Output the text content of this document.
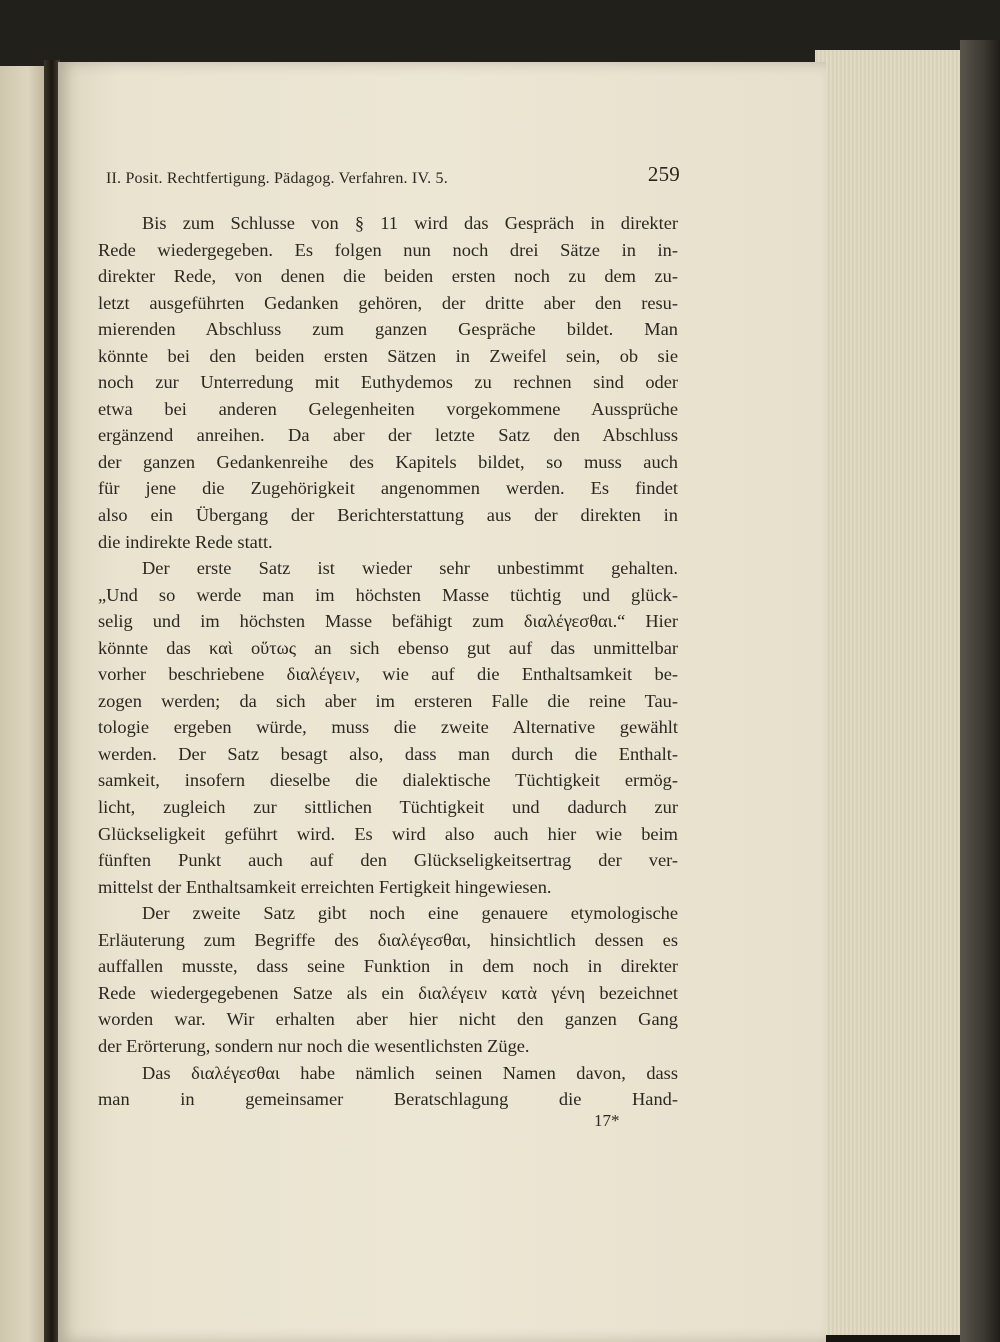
II. Posit. Rechtfertigung. Pädagog. Verfahren. IV. 5.	259
Bis zum Schlusse von § 11 wird das Gespräch in direkter
Rede wiedergegeben. Es folgen nun noch drei Sätze in in-
direkter Rede, von denen die beiden ersten noch zu dem zu-
letzt ausgeführten Gedanken gehören, der dritte aber den resu-
mierenden Abschluss zum ganzen Gespräche bildet. Man
könnte bei den beiden ersten Sätzen in Zweifel sein, ob sie
noch zur Unterredung mit Euthydemos zu rechnen sind oder
etwa bei anderen Gelegenheiten vorgekommene Aussprüche
ergänzend anreihen. Da aber der letzte Satz den Abschluss
der ganzen Gedankenreihe des Kapitels bildet, so muss auch
für jene die Zugehörigkeit angenommen werden. Es findet
also ein Übergang der Berichterstattung aus der direkten in
die indirekte Rede statt.
Der erste Satz ist wieder sehr unbestimmt gehalten.
„Und so werde man im höchsten Masse tüchtig und glück-
selig und im höchsten Masse befähigt zum διαλέγεσθαι.“ Hier
könnte das καὶ οὕτως an sich ebenso gut auf das unmittelbar
vorher beschriebene διαλέγειν, wie auf die Enthaltsamkeit be-
zogen werden; da sich aber im ersteren Falle die reine Tau-
tologie ergeben würde, muss die zweite Alternative gewählt
werden. Der Satz besagt also, dass man durch die Enthalt-
samkeit, insofern dieselbe die dialektische Tüchtigkeit ermög-
licht, zugleich zur sittlichen Tüchtigkeit und dadurch zur
Glückseligkeit geführt wird. Es wird also auch hier wie beim
fünften Punkt auch auf den Glückseligkeitsertrag der ver-
mittelst der Enthaltsamkeit erreichten Fertigkeit hingewiesen.
Der zweite Satz gibt noch eine genauere etymologische
Erläuterung zum Begriffe des διαλέγεσθαι, hinsichtlich dessen es
auffallen musste, dass seine Funktion in dem noch in direkter
Rede wiedergegebenen Satze als ein διαλέγειν κατὰ γένη bezeichnet
worden war. Wir erhalten aber hier nicht den ganzen Gang
der Erörterung, sondern nur noch die wesentlichsten Züge.
Das διαλέγεσθαι habe nämlich seinen Namen davon, dass
man in gemeinsamer Beratschlagung die Hand-
17*
